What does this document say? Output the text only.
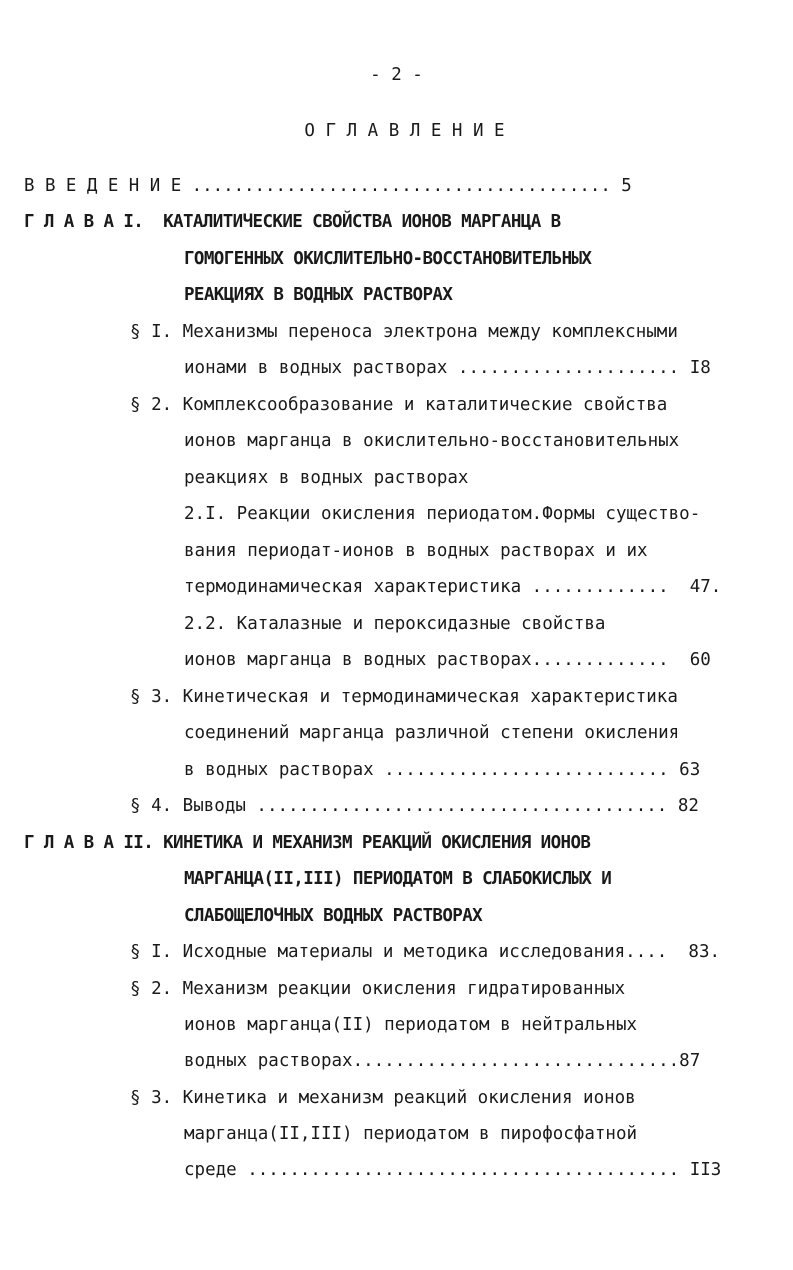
- 2 -
О Г Л А В Л Е Н И Е
В В Е Д Е Н И Е ........................................ 5
Г Л А В А I.  КАТАЛИТИЧЕСКИЕ СВОЙСТВА ИОНОВ МАРГАНЦА В
ГОМОГЕННЫХ ОКИСЛИТЕЛЬНО-ВОССТАНОВИТЕЛЬНЫХ
РЕАКЦИЯХ В ВОДНЫХ РАСТВОРАХ
§ I. Механизмы переноса электрона между комплексными
ионами в водных растворах ..................... I8
§ 2. Комплексообразование и каталитические свойства
ионов марганца в окислительно-восстановительных
реакциях в водных растворах
2.I. Реакции окисления периодатом.Формы существо-
вания периодат-ионов в водных растворах и их
термодинамическая характеристика .............  47.
2.2. Каталазные и пероксидазные свойства
ионов марганца в водных растворах.............  60
§ 3. Кинетическая и термодинамическая характеристика
соединений марганца различной степени окисления
в водных растворах ........................... 63
§ 4. Выводы ....................................... 82
Г Л А В А II. КИНЕТИКА И МЕХАНИЗМ РЕАКЦИЙ ОКИСЛЕНИЯ ИОНОВ
МАРГАНЦА(II,III) ПЕРИОДАТОМ В СЛАБОКИСЛЫХ И
СЛАБОЩЕЛОЧНЫХ ВОДНЫХ РАСТВОРАХ
§ I. Исходные материалы и методика исследования....  83.
§ 2. Механизм реакции окисления гидратированных
ионов марганца(II) периодатом в нейтральных
водных растворах...............................87
§ 3. Кинетика и механизм реакций окисления ионов
марганца(II,III) периодатом в пирофосфатной
среде ......................................... II3
